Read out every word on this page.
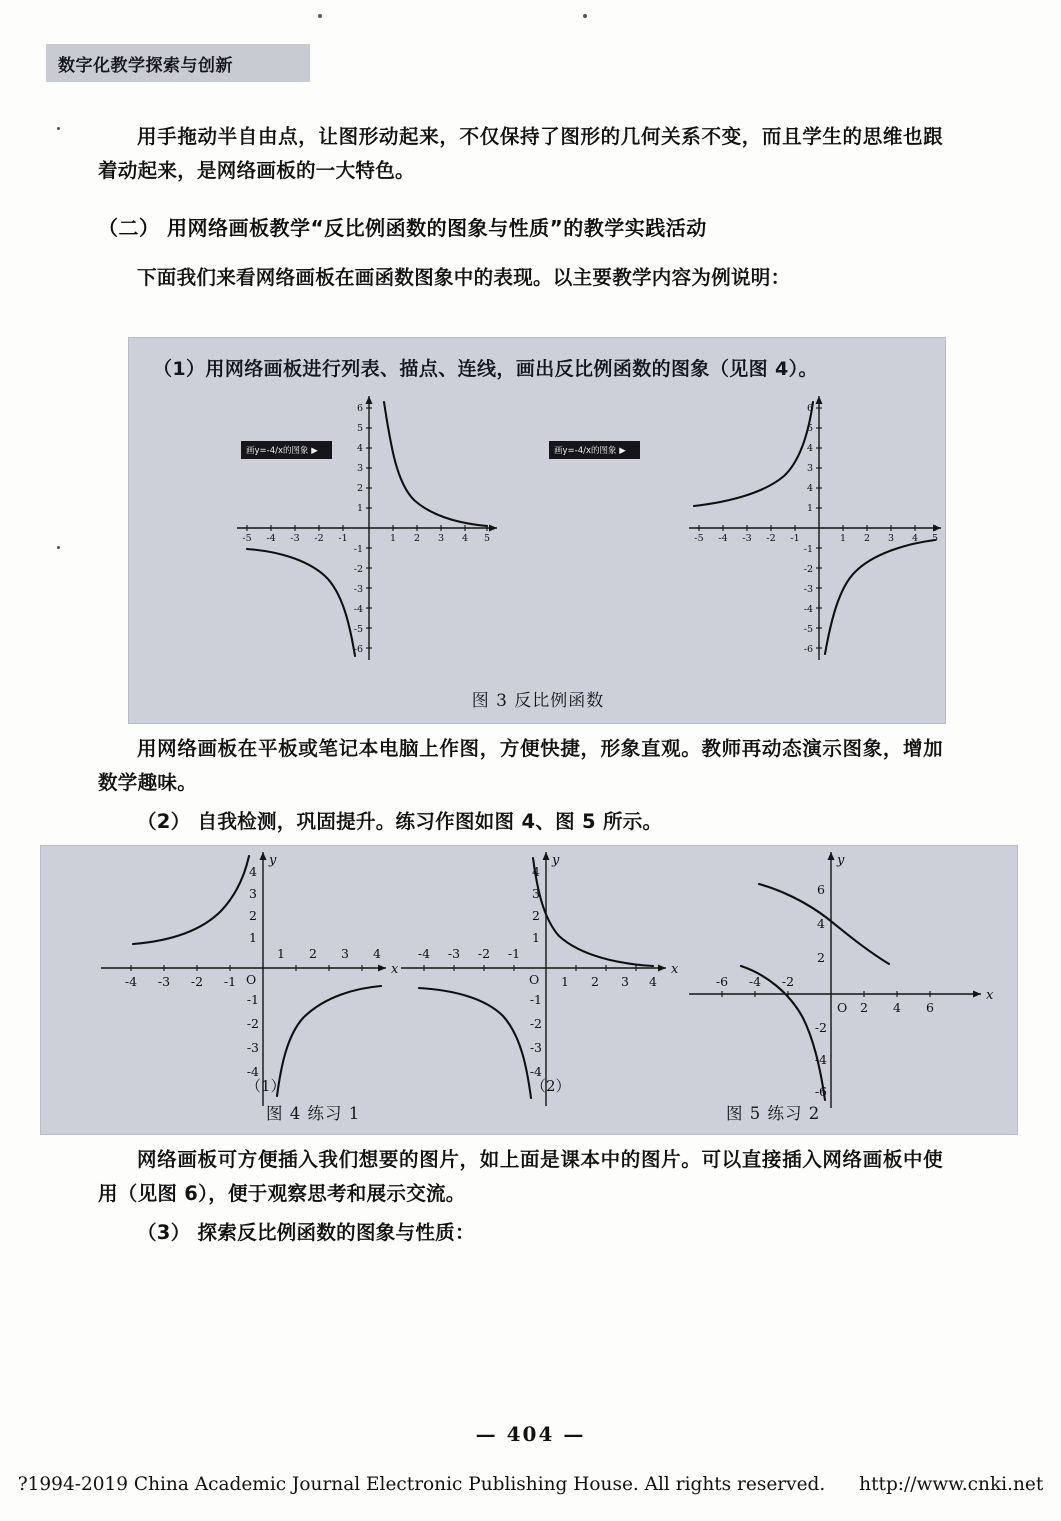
数字化教学探索与创新

用手拖动半自由点，让图形动起来，不仅保持了图形的几何关系不变，而且学生的思维也跟着动起来，是网络画板的一大特色。

（二） 用网络画板教学“反比例函数的图象与性质”的教学实践活动

下面我们来看网络画板在画函数图象中的表现。以主要教学内容为例说明：

（1）用网络画板进行列表、描点、连线，画出反比例函数的图象（见图 4）。
-5 -4 -3 -2 -1	1 2 3 4 5
6
5
4
3
2
1
-1
-2
-3
-4
-5
-6
-5 -4 -3 -2 -1	1 2 3 4 5
6
5
4
3
4
1
-1
-2
-3
-4
-5
-6
画y=-4/x的图象 ▶	画y=-4/x的图象 ▶
图 3 反比例函数

用网络画板在平板或笔记本电脑上作图，方便快捷，形象直观。教师再动态演示图象，增加数学趣味。

（2） 自我检测，巩固提升。练习作图如图 4、图 5 所示。

x
y
O
-4 -3 -2 -1
1 2 3 4
4
3
2
1
-1
-2
-3
-4
x
y
O
-4 -3 -2 -1
1 2 3 4
4
3
2
1
-1
-2
-3
-4
x
y
O
-6 -4 -2
2 4 6
6
4
2
-2
-4
-6
（1）	（2）
图 4 练习 1	图 5 练习 2

网络画板可方便插入我们想要的图片，如上面是课本中的图片。可以直接插入网络画板中使用（见图 6），便于观察思考和展示交流。

（3） 探索反比例函数的图象与性质：

— 404 —
?1994-2019 China Academic Journal Electronic Publishing House. All rights reserved. http://www.cnki.net
